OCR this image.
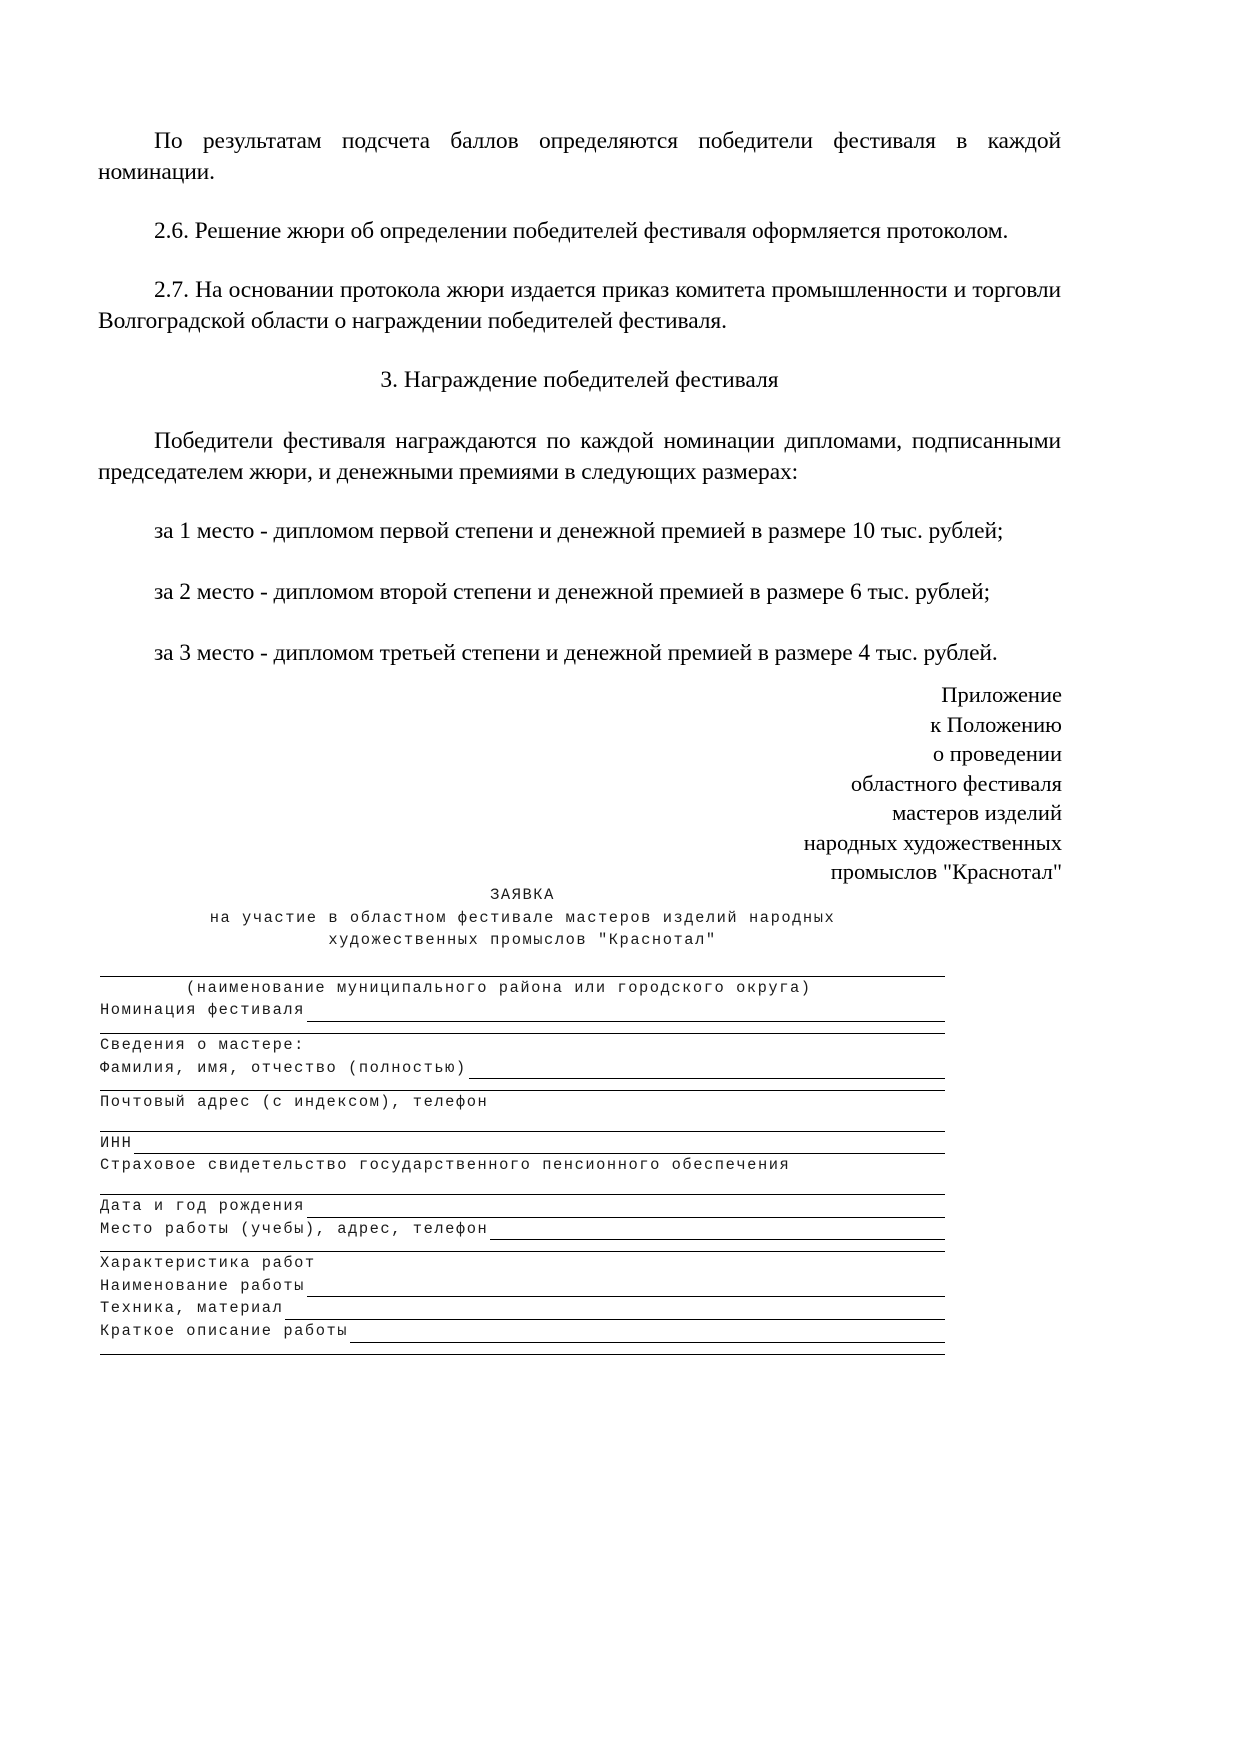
По результатам подсчета баллов определяются победители фестиваля в каждой номинации.

2.6. Решение жюри об определении победителей фестиваля оформляется протоколом.

2.7. На основании протокола жюри издается приказ комитета промышленности и торговли Волгоградской области о награждении победителей фестиваля.

3. Награждение победителей фестиваля

Победители фестиваля награждаются по каждой номинации дипломами, подписанными председателем жюри, и денежными премиями в следующих размерах:

за 1 место - дипломом первой степени и денежной премией в размере 10 тыс. рублей;

за 2 место - дипломом второй степени и денежной премией в размере 6 тыс. рублей;

за 3 место - дипломом третьей степени и денежной премией в размере 4 тыс. рублей.

Приложение
к Положению
о проведении
областного фестиваля
мастеров изделий
народных художественных
промыслов "Краснотал"
ЗАЯВКА
на участие в областном фестивале мастеров изделий народных
художественных промыслов "Краснотал"
(наименование муниципального района или городского округа)
Номинация фестиваля
Сведения о мастере:
Фамилия, имя, отчество (полностью)
Почтовый адрес (с индексом), телефон
ИНН
Страховое свидетельство государственного пенсионного обеспечения
Дата и год рождения
Место работы (учебы), адрес, телефон
Характеристика работ
Наименование работы
Техника, материал
Краткое описание работы
